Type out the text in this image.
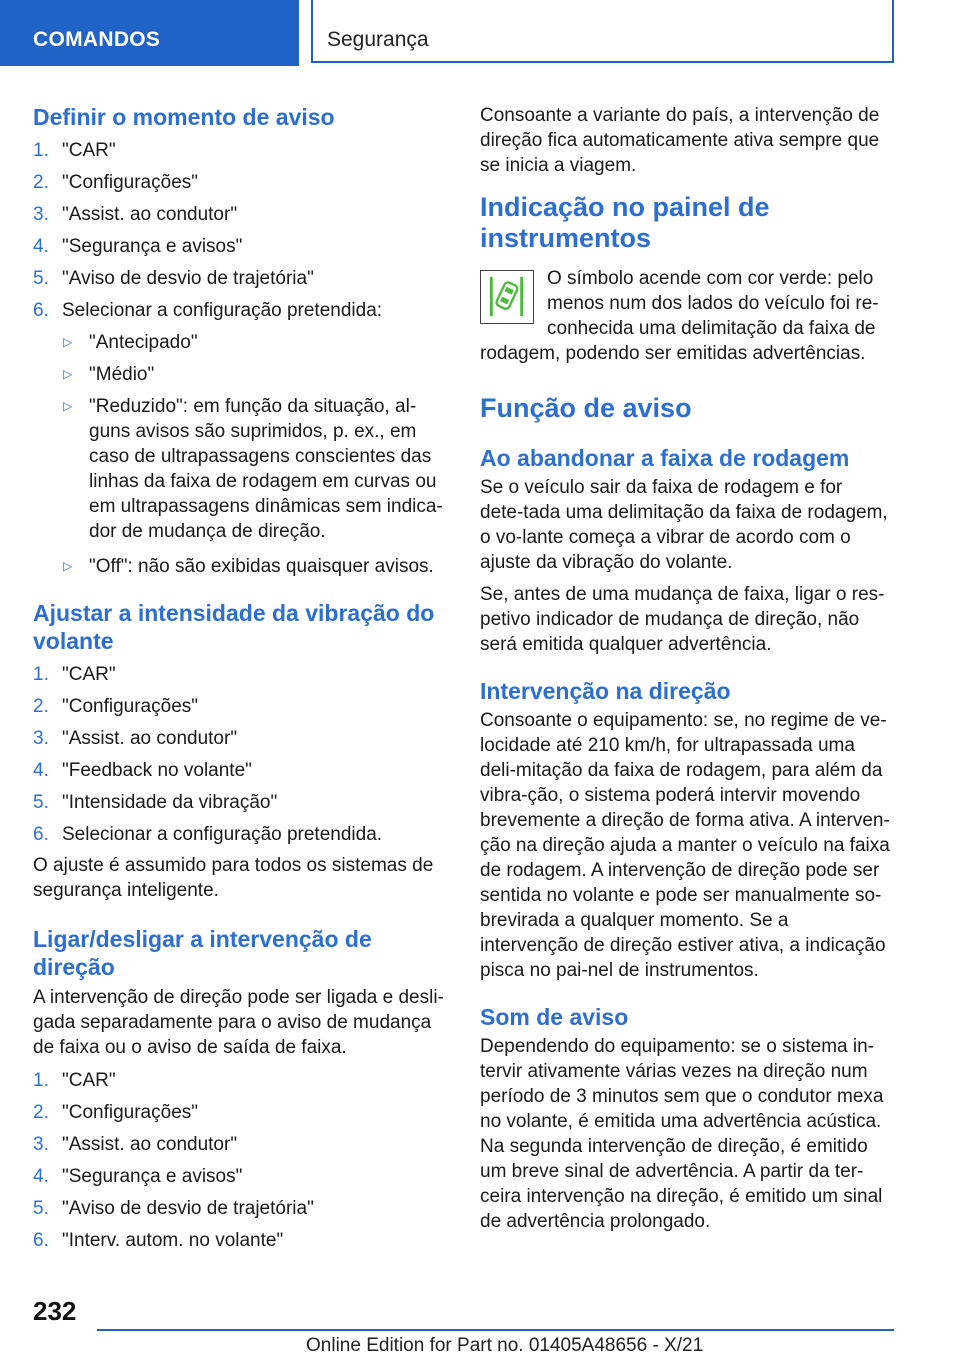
COMANDOS	Segurança
Definir o momento de aviso
1. "CAR"
2. "Configurações"
3. "Assist. ao condutor"
4. "Segurança e avisos"
5. "Aviso de desvio de trajetória"
6. Selecionar a configuração pretendida:
▷ "Antecipado"
▷ "Médio"
▷ "Reduzido": em função da situação, al-guns avisos são suprimidos, p. ex., em caso de ultrapassagens conscientes das linhas da faixa de rodagem em curvas ou em ultrapassagens dinâmicas sem indica-dor de mudança de direção.
▷ "Off": não são exibidas quaisquer avisos.
Ajustar a intensidade da vibração do volante
1. "CAR"
2. "Configurações"
3. "Assist. ao condutor"
4. "Feedback no volante"
5. "Intensidade da vibração"
6. Selecionar a configuração pretendida.

O ajuste é assumido para todos os sistemas de segurança inteligente.

Ligar/desligar a intervenção de direção

A intervenção de direção pode ser ligada e desli-gada separadamente para o aviso de mudança de faixa ou o aviso de saída de faixa.

1. "CAR"
2. "Configurações"
3. "Assist. ao condutor"
4. "Segurança e avisos"
5. "Aviso de desvio de trajetória"
6. "Interv. autom. no volante"

Consoante a variante do país, a intervenção de direção fica automaticamente ativa sempre que se inicia a viagem.

Indicação no painel de instrumentos

O símbolo acende com cor verde: pelo menos num dos lados do veículo foi re-conhecida uma delimitação da faixa de rodagem, podendo ser emitidas advertências.

Função de aviso
Ao abandonar a faixa de rodagem

Se o veículo sair da faixa de rodagem e for dete-tada uma delimitação da faixa de rodagem, o vo-lante começa a vibrar de acordo com o ajuste da vibração do volante.

Se, antes de uma mudança de faixa, ligar o res-petivo indicador de mudança de direção, não será emitida qualquer advertência.

Intervenção na direção

Consoante o equipamento: se, no regime de ve-locidade até 210 km/h, for ultrapassada uma deli-mitação da faixa de rodagem, para além da vibra-ção, o sistema poderá intervir movendo brevemente a direção de forma ativa. A interven-ção na direção ajuda a manter o veículo na faixa de rodagem. A intervenção de direção pode ser sentida no volante e pode ser manualmente so-brevirada a qualquer momento. Se a intervenção de direção estiver ativa, a indicação pisca no pai-nel de instrumentos.

Som de aviso

Dependendo do equipamento: se o sistema in-tervir ativamente várias vezes na direção num período de 3 minutos sem que o condutor mexa no volante, é emitida uma advertência acústica. Na segunda intervenção de direção, é emitido um breve sinal de advertência. A partir da ter-ceira intervenção na direção, é emitido um sinal de advertência prolongado.

232
Online Edition for Part no. 01405A48656 - X/21
